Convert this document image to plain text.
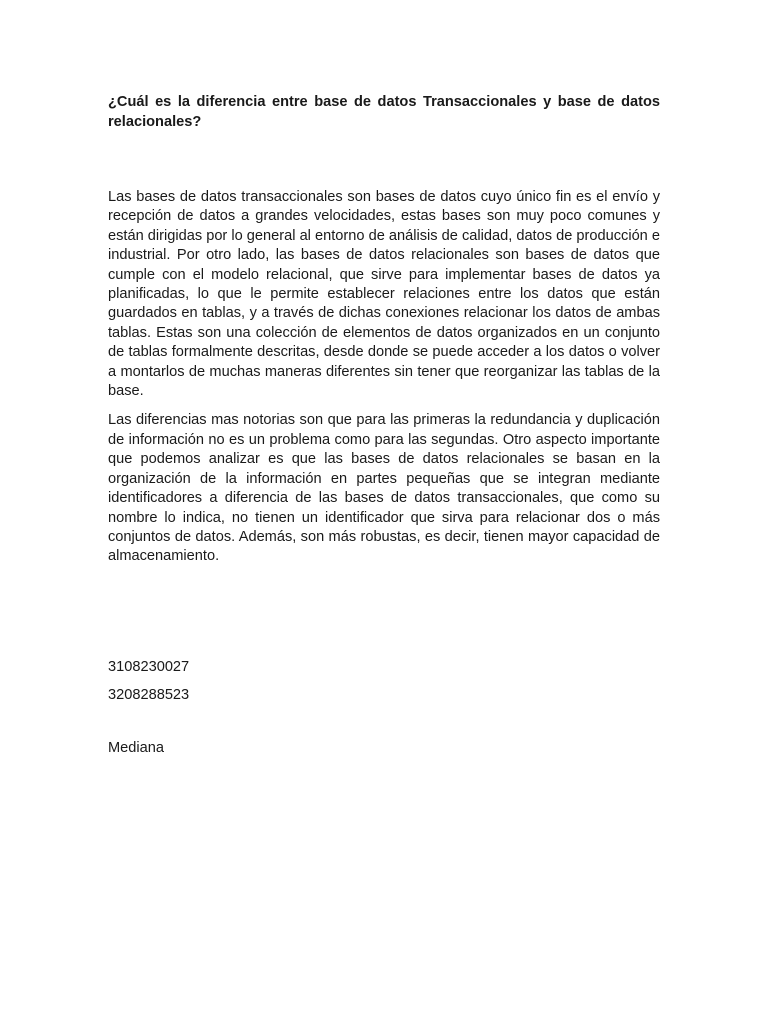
¿Cuál es la diferencia entre base de datos Transaccionales y base de datos relacionales?

Las bases de datos transaccionales son bases de datos cuyo único fin es el envío y recepción de datos a grandes velocidades, estas bases son muy poco comunes y están dirigidas por lo general al entorno de análisis de calidad, datos de producción e industrial. Por otro lado, las bases de datos relacionales son bases de datos que cumple con el modelo relacional, que sirve para implementar bases de datos ya planificadas, lo que le permite establecer relaciones entre los datos que están guardados en tablas, y a través de dichas conexiones relacionar los datos de ambas tablas. Estas son una colección de elementos de datos organizados en un conjunto de tablas formalmente descritas, desde donde se puede acceder a los datos o volver a montarlos de muchas maneras diferentes sin tener que reorganizar las tablas de la base.

Las diferencias mas notorias son que para las primeras la redundancia y duplicación de información no es un problema como para las segundas. Otro aspecto importante que podemos analizar es que las bases de datos relacionales se basan en la organización de la información en partes pequeñas que se integran mediante identificadores a diferencia de las bases de datos transaccionales, que como su nombre lo indica, no tienen un identificador que sirva para relacionar dos o más conjuntos de datos. Además, son más robustas, es decir, tienen mayor capacidad de almacenamiento.

3108230027

3208288523

Mediana
